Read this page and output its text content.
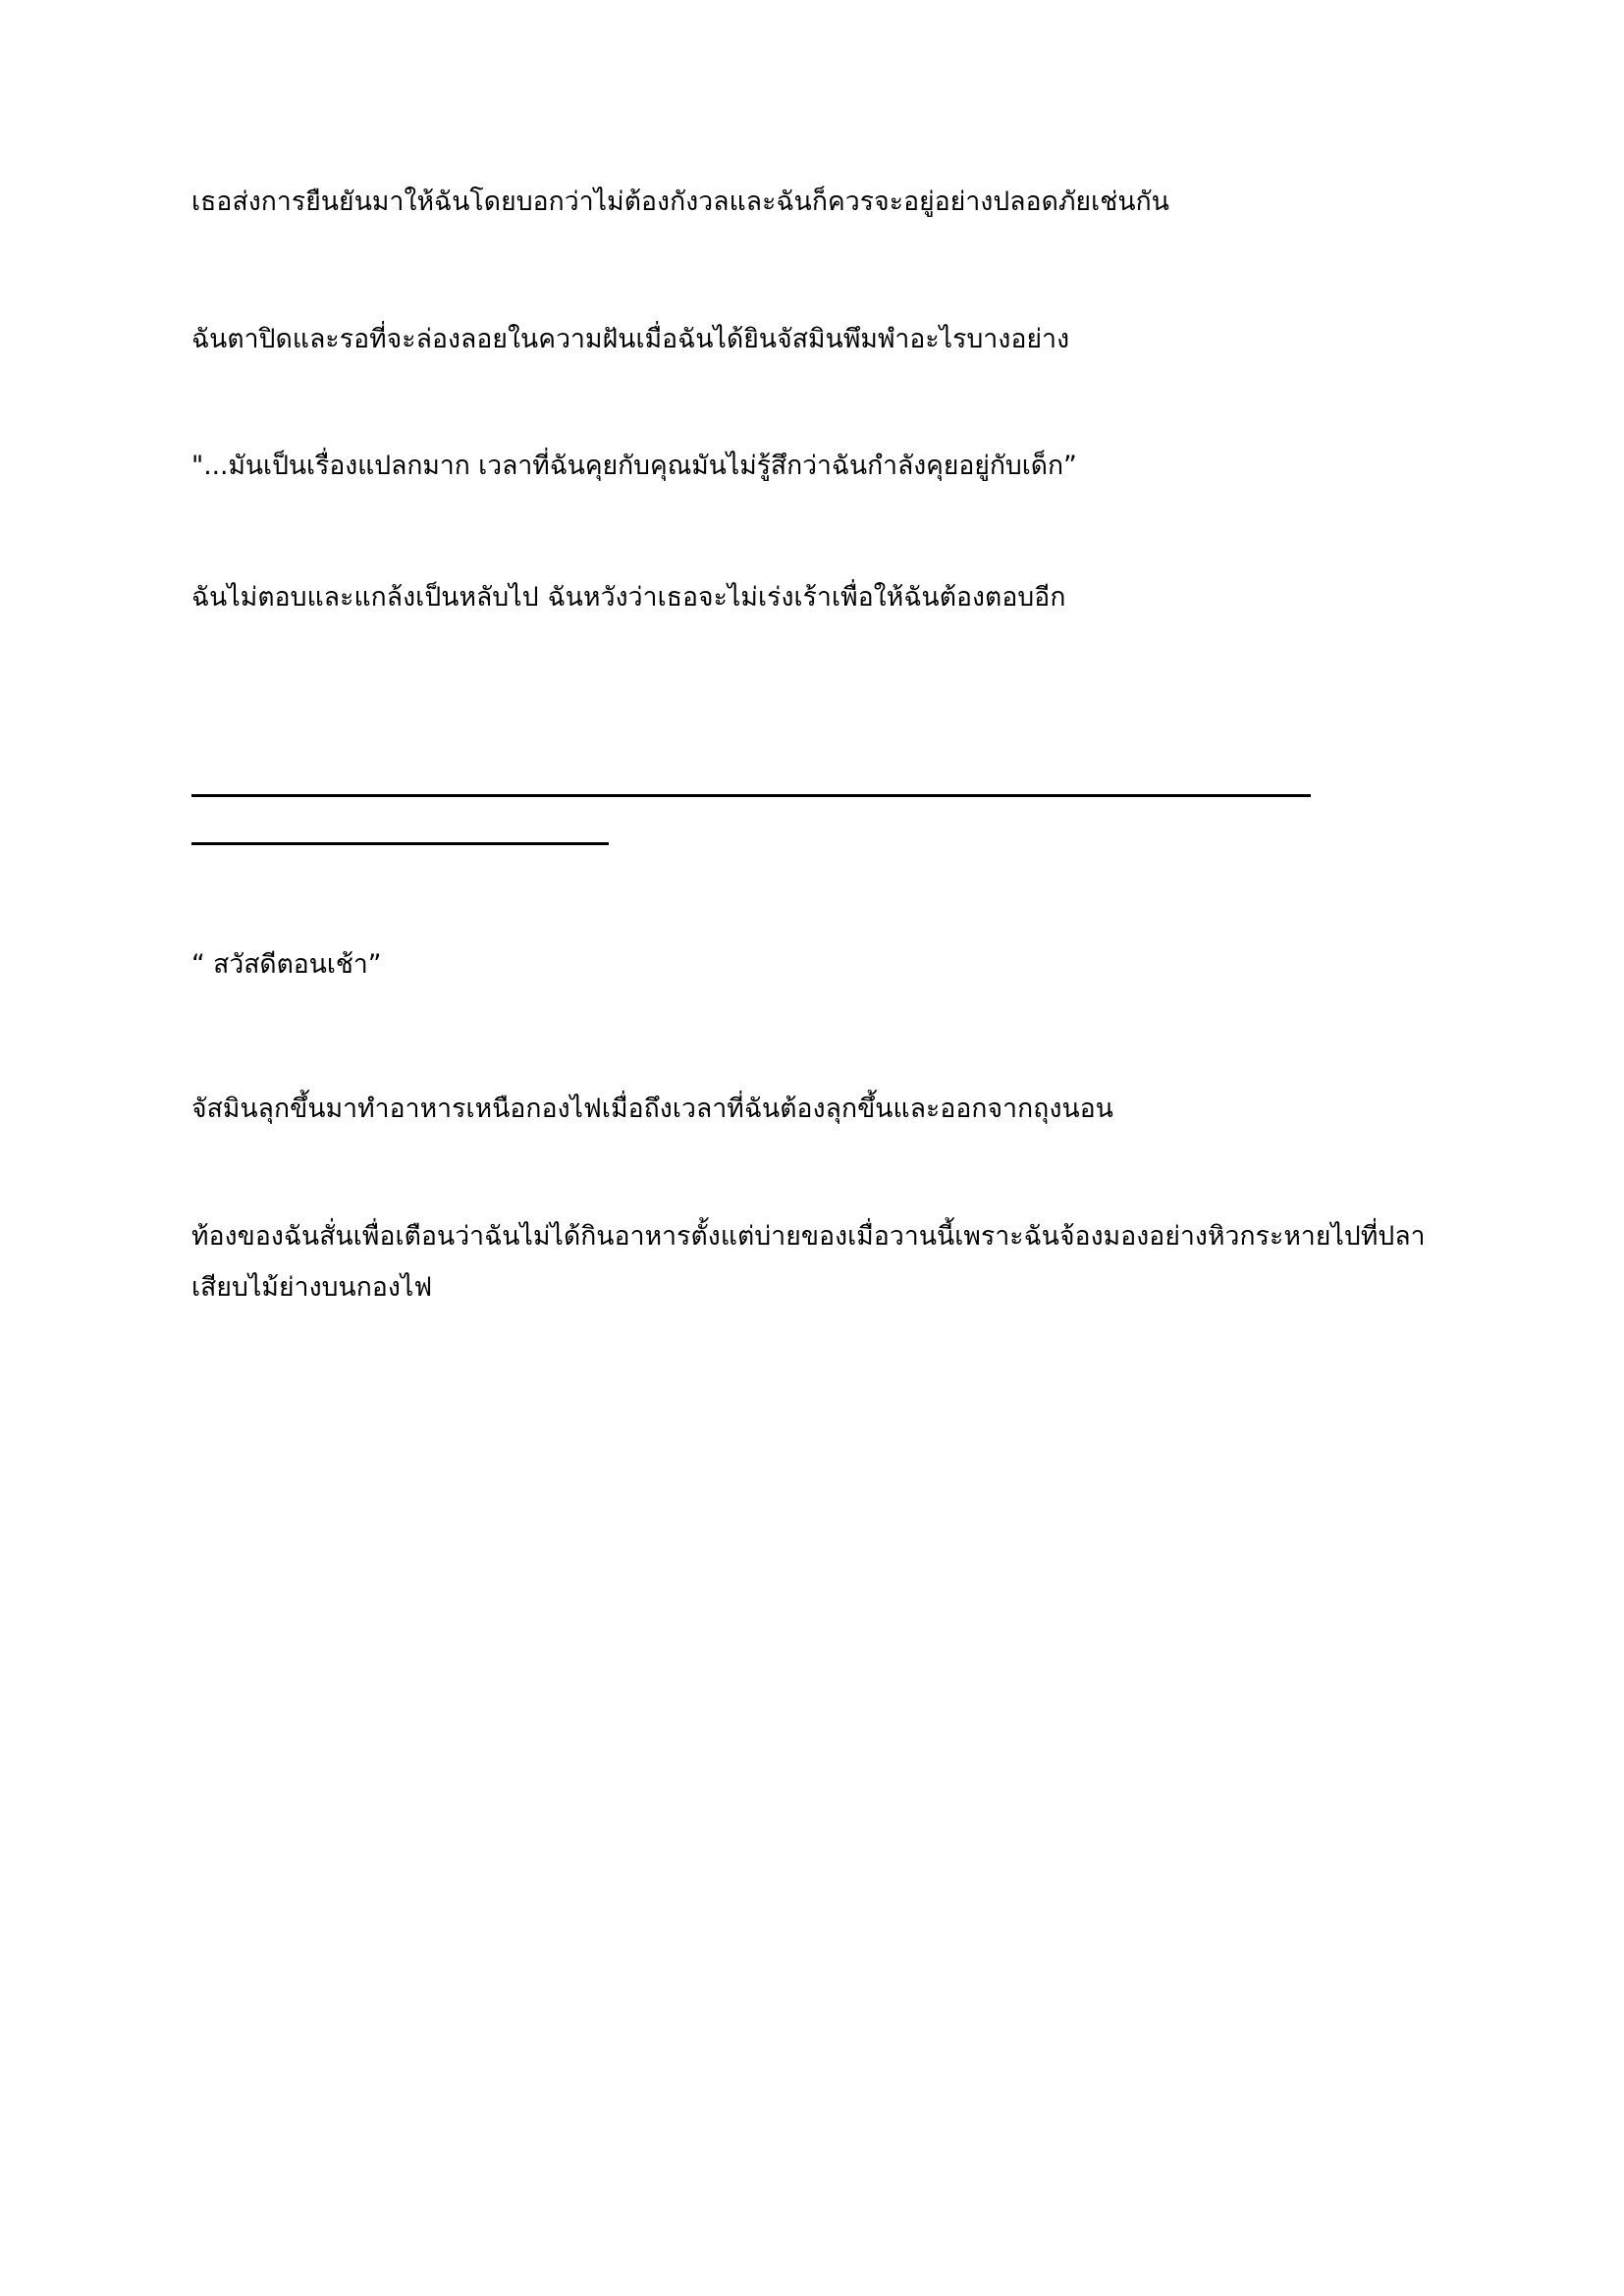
เธอส่งการยืนยันมาให้ฉันโดยบอกว่าไม่ต้องกังวลและฉันก็ควรจะอยู่อย่างปลอดภัยเช่นกัน

ฉันตาปิดและรอที่จะล่องลอยในความฝันเมื่อฉันได้ยินจัสมินพึมพำอะไรบางอย่าง

"...มันเป็นเรื่องแปลกมาก เวลาที่ฉันคุยกับคุณมันไม่รู้สึกว่าฉันกำลังคุยอยู่กับเด็ก”

ฉันไม่ตอบและแกล้งเป็นหลับไป ฉันหวังว่าเธอจะไม่เร่งเร้าเพื่อให้ฉันต้องตอบอีก

“ สวัสดีตอนเช้า”

จัสมินลุกขึ้นมาทำอาหารเหนือกองไฟเมื่อถึงเวลาที่ฉันต้องลุกขึ้นและออกจากถุงนอน

ท้องของฉันสั่นเพื่อเตือนว่าฉันไม่ได้กินอาหารตั้งแต่บ่ายของเมื่อวานนี้เพราะฉันจ้องมองอย่างหิวกระหายไปที่ปลาเสียบไม้ย่างบนกองไฟ
